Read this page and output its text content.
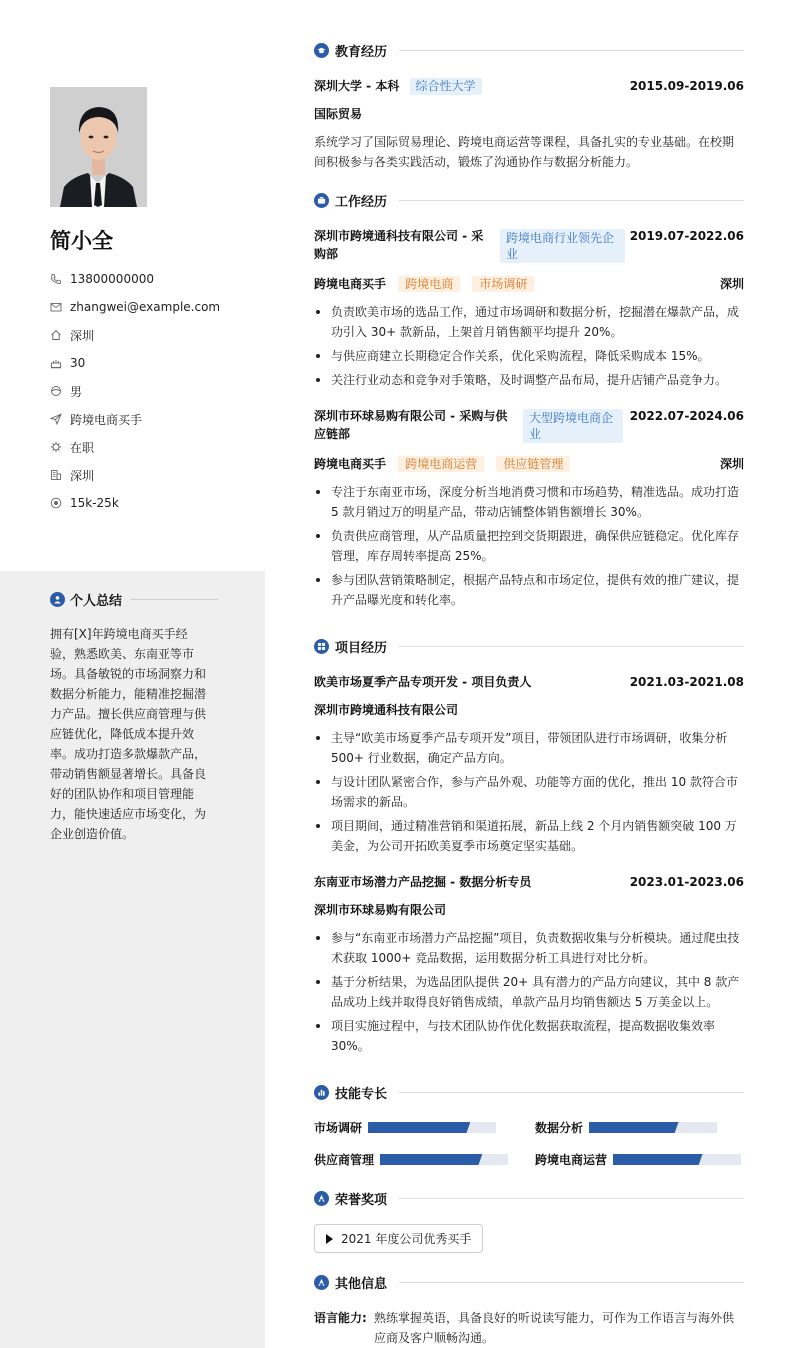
简小全
13800000000
zhangwei@example.com
深圳
30
男
跨境电商买手
在职
深圳
15k-25k
个人总结
拥有[X]年跨境电商买手经验，熟悉欧美、东南亚等市场。具备敏锐的市场洞察力和数据分析能力，能精准挖掘潜力产品。擅长供应商管理与供应链优化，降低成本提升效率。成功打造多款爆款产品，带动销售额显著增长。具备良好的团队协作和项目管理能力，能快速适应市场变化，为企业创造价值。
教育经历
深圳大学 - 本科 综合性大学	2015.09-2019.06
国际贸易
系统学习了国际贸易理论、跨境电商运营等课程，具备扎实的专业基础。在校期间积极参与各类实践活动，锻炼了沟通协作与数据分析能力。
工作经历
深圳市跨境通科技有限公司 - 采购部
跨境电商行业领先企业
2019.07-2022.06
跨境电商买手 跨境电商 市场调研	深圳
负责欧美市场的选品工作，通过市场调研和数据分析，挖掘潜在爆款产品，成功引入 30+ 款新品，上架首月销售额平均提升 20%。
与供应商建立长期稳定合作关系，优化采购流程，降低采购成本 15%。
关注行业动态和竞争对手策略，及时调整产品布局，提升店铺产品竞争力。
深圳市环球易购有限公司 - 采购与供应链部
大型跨境电商企业
2022.07-2024.06
跨境电商买手 跨境电商运营 供应链管理	深圳
专注于东南亚市场，深度分析当地消费习惯和市场趋势，精准选品。成功打造 5 款月销过万的明星产品，带动店铺整体销售额增长 30%。
负责供应商管理，从产品质量把控到交货期跟进，确保供应链稳定。优化库存管理，库存周转率提高 25%。
参与团队营销策略制定，根据产品特点和市场定位，提供有效的推广建议，提升产品曝光度和转化率。
项目经历
欧美市场夏季产品专项开发 - 项目负责人	2021.03-2021.08
深圳市跨境通科技有限公司
主导“欧美市场夏季产品专项开发”项目，带领团队进行市场调研，收集分析 500+ 行业数据，确定产品方向。
与设计团队紧密合作，参与产品外观、功能等方面的优化，推出 10 款符合市场需求的新品。
项目期间，通过精准营销和渠道拓展，新品上线 2 个月内销售额突破 100 万美金，为公司开拓欧美夏季市场奠定坚实基础。
东南亚市场潜力产品挖掘 - 数据分析专员	2023.01-2023.06
深圳市环球易购有限公司
参与“东南亚市场潜力产品挖掘”项目，负责数据收集与分析模块。通过爬虫技术获取 1000+ 竞品数据，运用数据分析工具进行对比分析。
基于分析结果，为选品团队提供 20+ 具有潜力的产品方向建议，其中 8 款产品成功上线并取得良好销售成绩，单款产品月均销售额达 5 万美金以上。
项目实施过程中，与技术团队协作优化数据获取流程，提高数据收集效率 30%。
技能专长
市场调研	数据分析
供应商管理	跨境电商运营
荣誉奖项
2021 年度公司优秀买手
其他信息
语言能力: 熟练掌握英语，具备良好的听说读写能力，可作为工作语言与海外供应商及客户顺畅沟通。
